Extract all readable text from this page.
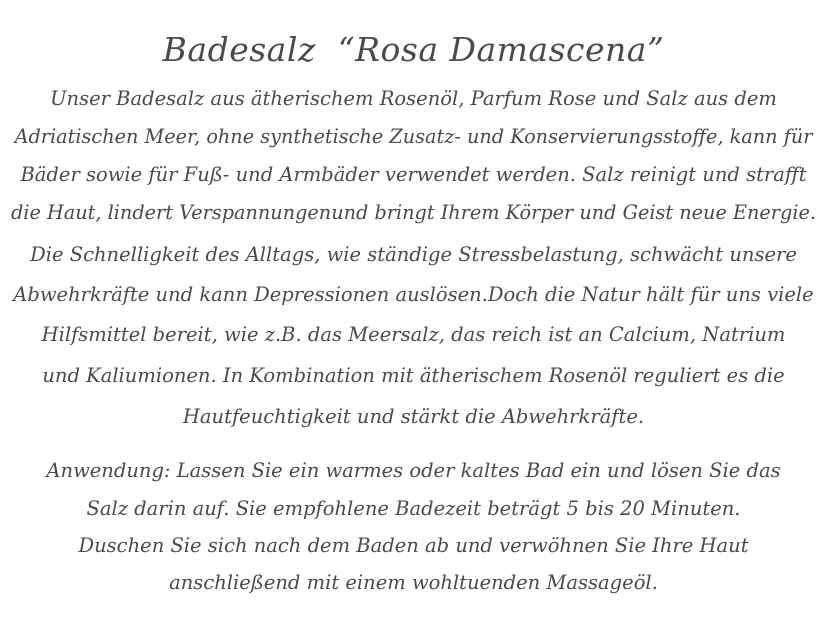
Badesalz “Rosa Damascena”

Unser Badesalz aus ätherischem Rosenöl, Parfum Rose und Salz aus dem

Adriatischen Meer, ohne synthetische Zusatz- und Konservierungsstoffe, kann für

Bäder sowie für Fuß- und Armbäder verwendet werden. Salz reinigt und strafft

die Haut, lindert Verspannungenund bringt Ihrem Körper und Geist neue Energie.

Die Schnelligkeit des Alltags, wie ständige Stressbelastung, schwächt unsere

Abwehrkräfte und kann Depressionen auslösen.Doch die Natur hält für uns viele

Hilfsmittel bereit, wie z.B. das Meersalz, das reich ist an Calcium, Natrium

und Kaliumionen. In Kombination mit ätherischem Rosenöl reguliert es die

Hautfeuchtigkeit und stärkt die Abwehrkräfte.

Anwendung: Lassen Sie ein warmes oder kaltes Bad ein und lösen Sie das

Salz darin auf. Sie empfohlene Badezeit beträgt 5 bis 20 Minuten.

Duschen Sie sich nach dem Baden ab und verwöhnen Sie Ihre Haut

anschließend mit einem wohltuenden Massageöl.
